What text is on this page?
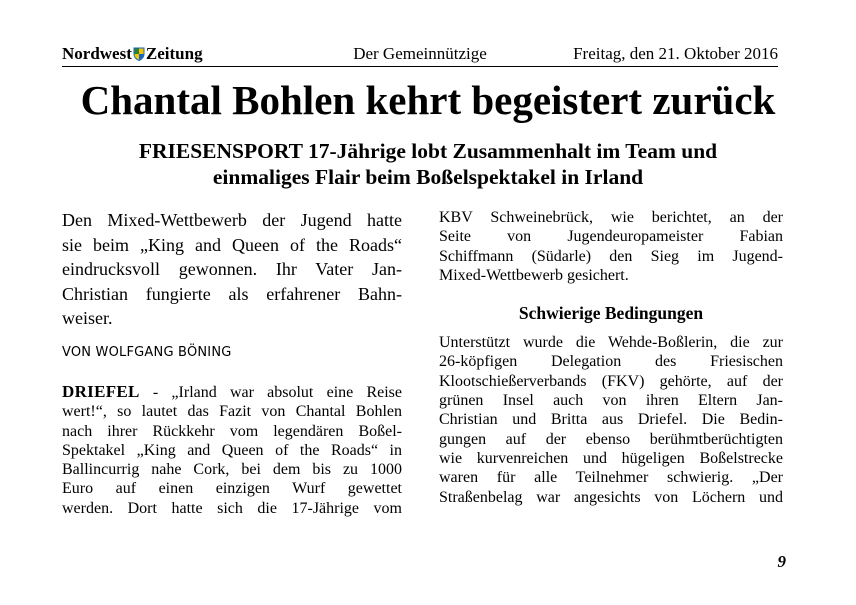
Nordwest Zeitung	Der Gemeinnützige	Freitag, den 21. Oktober 2016
Chantal Bohlen kehrt begeistert zurück
FRIESENSPORT 17-Jährige lobt Zusammenhalt im Team und
einmaliges Flair beim Boßelspektakel in Irland

Den Mixed-Wettbewerb der Jugend hatte
sie beim „King and Queen of the Roads“
eindrucksvoll gewonnen. Ihr Vater Jan-
Christian fungierte als erfahrener Bahn-
weiser.

VON WOLFGANG BÖNING

DRIEFEL - „Irland war absolut eine Reise
wert!“, so lautet das Fazit von Chantal Bohlen
nach ihrer Rückkehr vom legendären Boßel-
Spektakel „King and Queen of the Roads“ in
Ballincurrig nahe Cork, bei dem bis zu 1000
Euro auf einen einzigen Wurf gewettet
werden. Dort hatte sich die 17-Jährige vom

KBV Schweinebrück, wie berichtet, an der
Seite von Jugendeuropameister Fabian
Schiffmann (Südarle) den Sieg im Jugend-
Mixed-Wettbewerb gesichert.

Schwierige Bedingungen

Unterstützt wurde die Wehde-Boßlerin, die zur
26-köpfigen Delegation des Friesischen
Klootschießerverbands (FKV) gehörte, auf der
grünen Insel auch von ihren Eltern Jan-
Christian und Britta aus Driefel. Die Bedin-
gungen auf der ebenso berühmtberüchtigten
wie kurvenreichen und hügeligen Boßelstrecke
waren für alle Teilnehmer schwierig. „Der
Straßenbelag war angesichts von Löchern und

9
